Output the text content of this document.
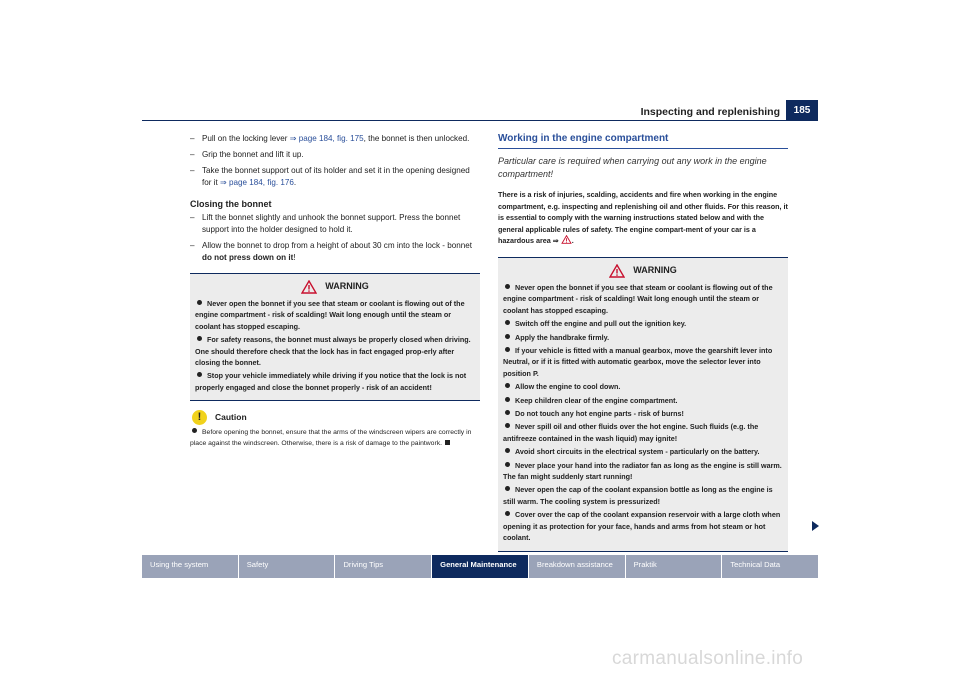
Inspecting and replenishing	185
– Pull on the locking lever ⇒ page 184, fig. 175, the bonnet is then unlocked.
– Grip the bonnet and lift it up.
– Take the bonnet support out of its holder and set it in the opening designed for it ⇒ page 184, fig. 176.
Closing the bonnet
– Lift the bonnet slightly and unhook the bonnet support. Press the bonnet support into the holder designed to hold it.
– Allow the bonnet to drop from a height of about 30 cm into the lock - bonnet do not press down on it!
WARNING
Never open the bonnet if you see that steam or coolant is flowing out of the engine compartment - risk of scalding! Wait long enough until the steam or coolant has stopped escaping.
For safety reasons, the bonnet must always be properly closed when driving. One should therefore check that the lock has in fact engaged prop-erly after closing the bonnet.
Stop your vehicle immediately while driving if you notice that the lock is not properly engaged and close the bonnet properly - risk of an accident!
!	Caution
Before opening the bonnet, ensure that the arms of the windscreen wipers are correctly in place against the windscreen. Otherwise, there is a risk of damage to the paintwork.
Working in the engine compartment
Particular care is required when carrying out any work in the engine compartment!
There is a risk of injuries, scalding, accidents and fire when working in the engine compartment, e.g. inspecting and replenishing oil and other fluids. For this reason, it is essential to comply with the warning instructions stated below and with the general applicable rules of safety. The engine compart-ment of your car is a hazardous area ⇒ .
WARNING
Never open the bonnet if you see that steam or coolant is flowing out of the engine compartment - risk of scalding! Wait long enough until the steam or coolant has stopped escaping.
Switch off the engine and pull out the ignition key.
Apply the handbrake firmly.
If your vehicle is fitted with a manual gearbox, move the gearshift lever into Neutral, or if it is fitted with automatic gearbox, move the selector lever into position P.
Allow the engine to cool down.
Keep children clear of the engine compartment.
Do not touch any hot engine parts - risk of burns!
Never spill oil and other fluids over the hot engine. Such fluids (e.g. the antifreeze contained in the wash liquid) may ignite!
Avoid short circuits in the electrical system - particularly on the battery.
Never place your hand into the radiator fan as long as the engine is still warm. The fan might suddenly start running!
Never open the cap of the coolant expansion bottle as long as the engine is still warm. The cooling system is pressurized!
Cover over the cap of the coolant expansion reservoir with a large cloth when opening it as protection for your face, hands and arms from hot steam or hot coolant.
Using the system	Safety	Driving Tips	General Maintenance	Breakdown assistance	Praktik	Technical Data
carmanualsonline.info
